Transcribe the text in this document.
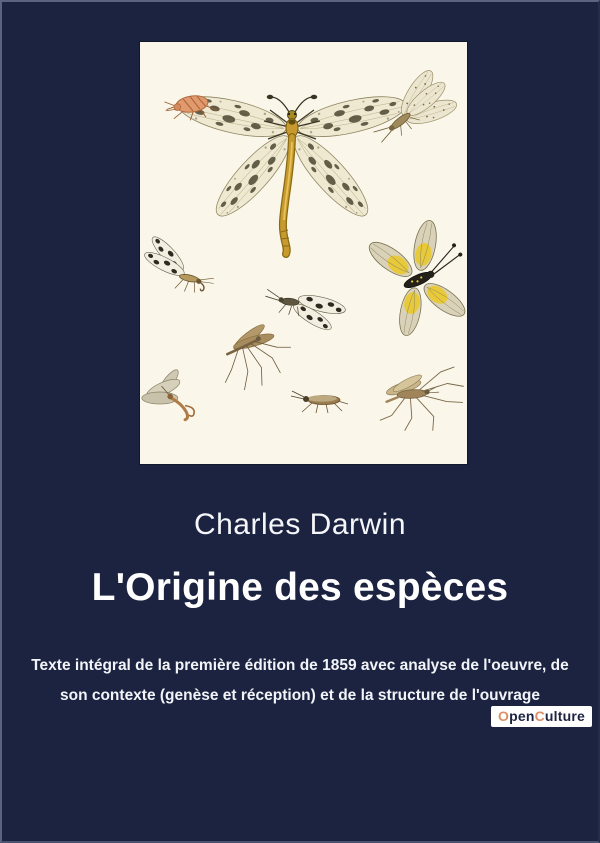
Charles Darwin
L'Origine des espèces
Texte intégral de la première édition de 1859 avec analyse de l'oeuvre, de
son contexte (genèse et réception) et de la structure de l'ouvrage
OpenCulture
